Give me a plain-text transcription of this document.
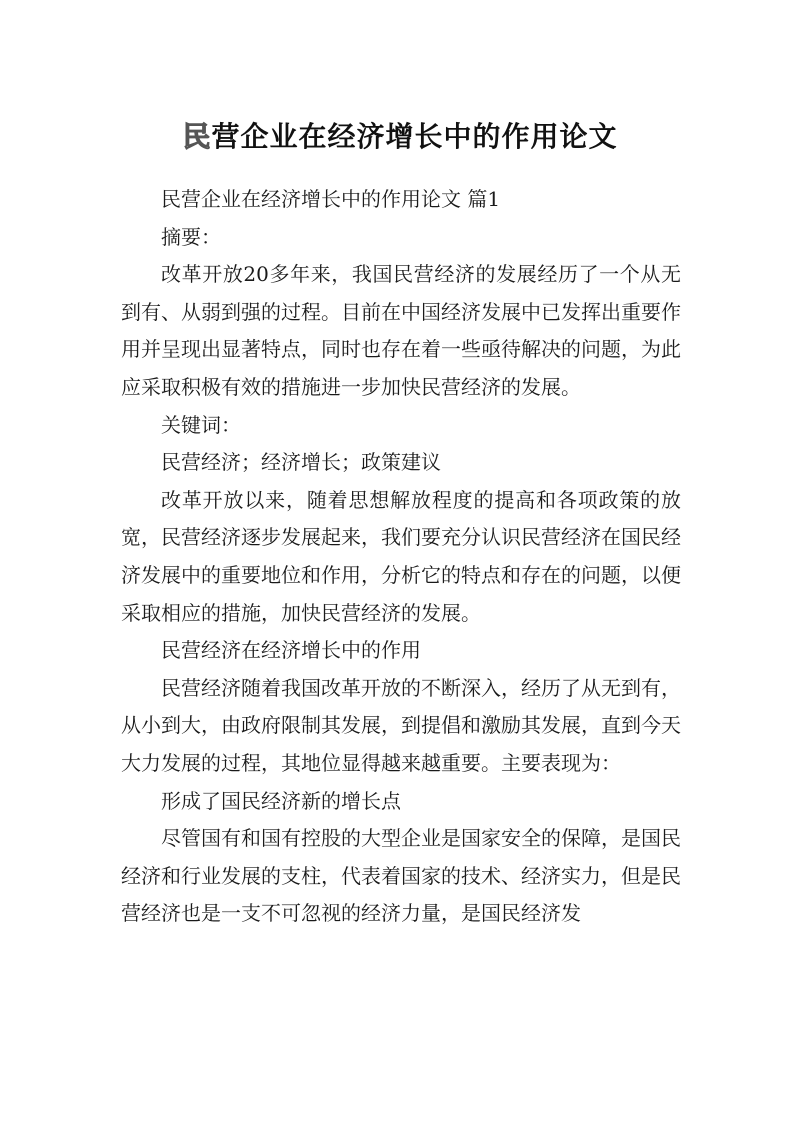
民营企业在经济增长中的作用论文

民营企业在经济增长中的作用论文 篇1

摘要：

改革开放20多年来，我国民营经济的发展经历了一个从无到有、从弱到强的过程。目前在中国经济发展中已发挥出重要作用并呈现出显著特点，同时也存在着一些亟待解决的问题，为此应采取积极有效的措施进一步加快民营经济的发展。

关键词：

民营经济；经济增长；政策建议

改革开放以来，随着思想解放程度的提高和各项政策的放宽，民营经济逐步发展起来，我们要充分认识民营经济在国民经济发展中的重要地位和作用，分析它的特点和存在的问题，以便采取相应的措施，加快民营经济的发展。

民营经济在经济增长中的作用

民营经济随着我国改革开放的不断深入，经历了从无到有，从小到大，由政府限制其发展，到提倡和激励其发展，直到今天大力发展的过程，其地位显得越来越重要。主要表现为：

形成了国民经济新的增长点

尽管国有和国有控股的大型企业是国家安全的保障，是国民经济和行业发展的支柱，代表着国家的技术、经济实力，但是民营经济也是一支不可忽视的经济力量，是国民经济发
